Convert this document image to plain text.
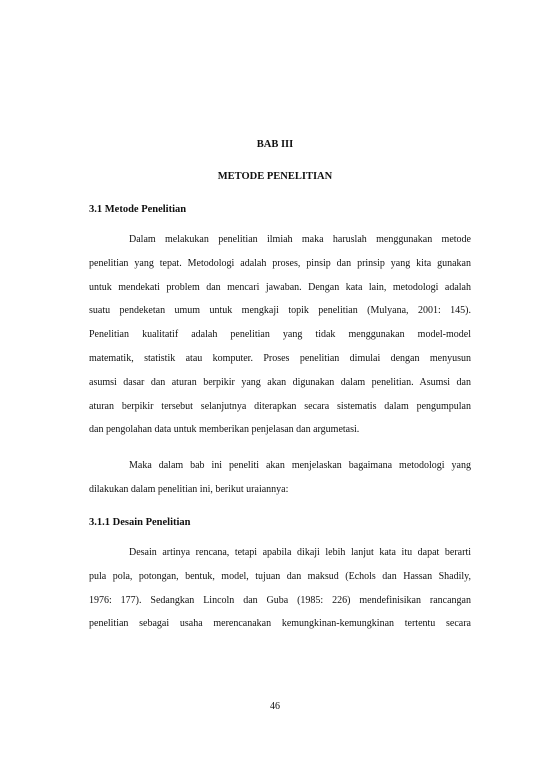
BAB III
METODE PENELITIAN
3.1 Metode Penelitian
Dalam melakukan penelitian ilmiah maka haruslah menggunakan metode
penelitian yang tepat. Metodologi adalah proses, pinsip dan prinsip yang kita gunakan
untuk mendekati problem dan mencari jawaban. Dengan kata lain, metodologi adalah
suatu pendeketan umum untuk mengkaji topik penelitian (Mulyana, 2001: 145).
Penelitian kualitatif adalah penelitian yang tidak menggunakan model-model
matematik, statistik atau komputer. Proses penelitian dimulai dengan menyusun
asumsi dasar dan aturan berpikir yang akan digunakan dalam penelitian. Asumsi dan
aturan berpikir tersebut selanjutnya diterapkan secara sistematis dalam pengumpulan
dan pengolahan data untuk memberikan penjelasan dan argumetasi.
Maka dalam bab ini peneliti akan menjelaskan bagaimana metodologi yang
dilakukan dalam penelitian ini, berikut uraiannya:
3.1.1 Desain Penelitian
Desain artinya rencana, tetapi apabila dikaji lebih lanjut kata itu dapat berarti
pula pola, potongan, bentuk, model, tujuan dan maksud (Echols dan Hassan Shadily,
1976: 177). Sedangkan Lincoln dan Guba (1985: 226) mendefinisikan rancangan
penelitian sebagai usaha merencanakan kemungkinan-kemungkinan tertentu secara
46
